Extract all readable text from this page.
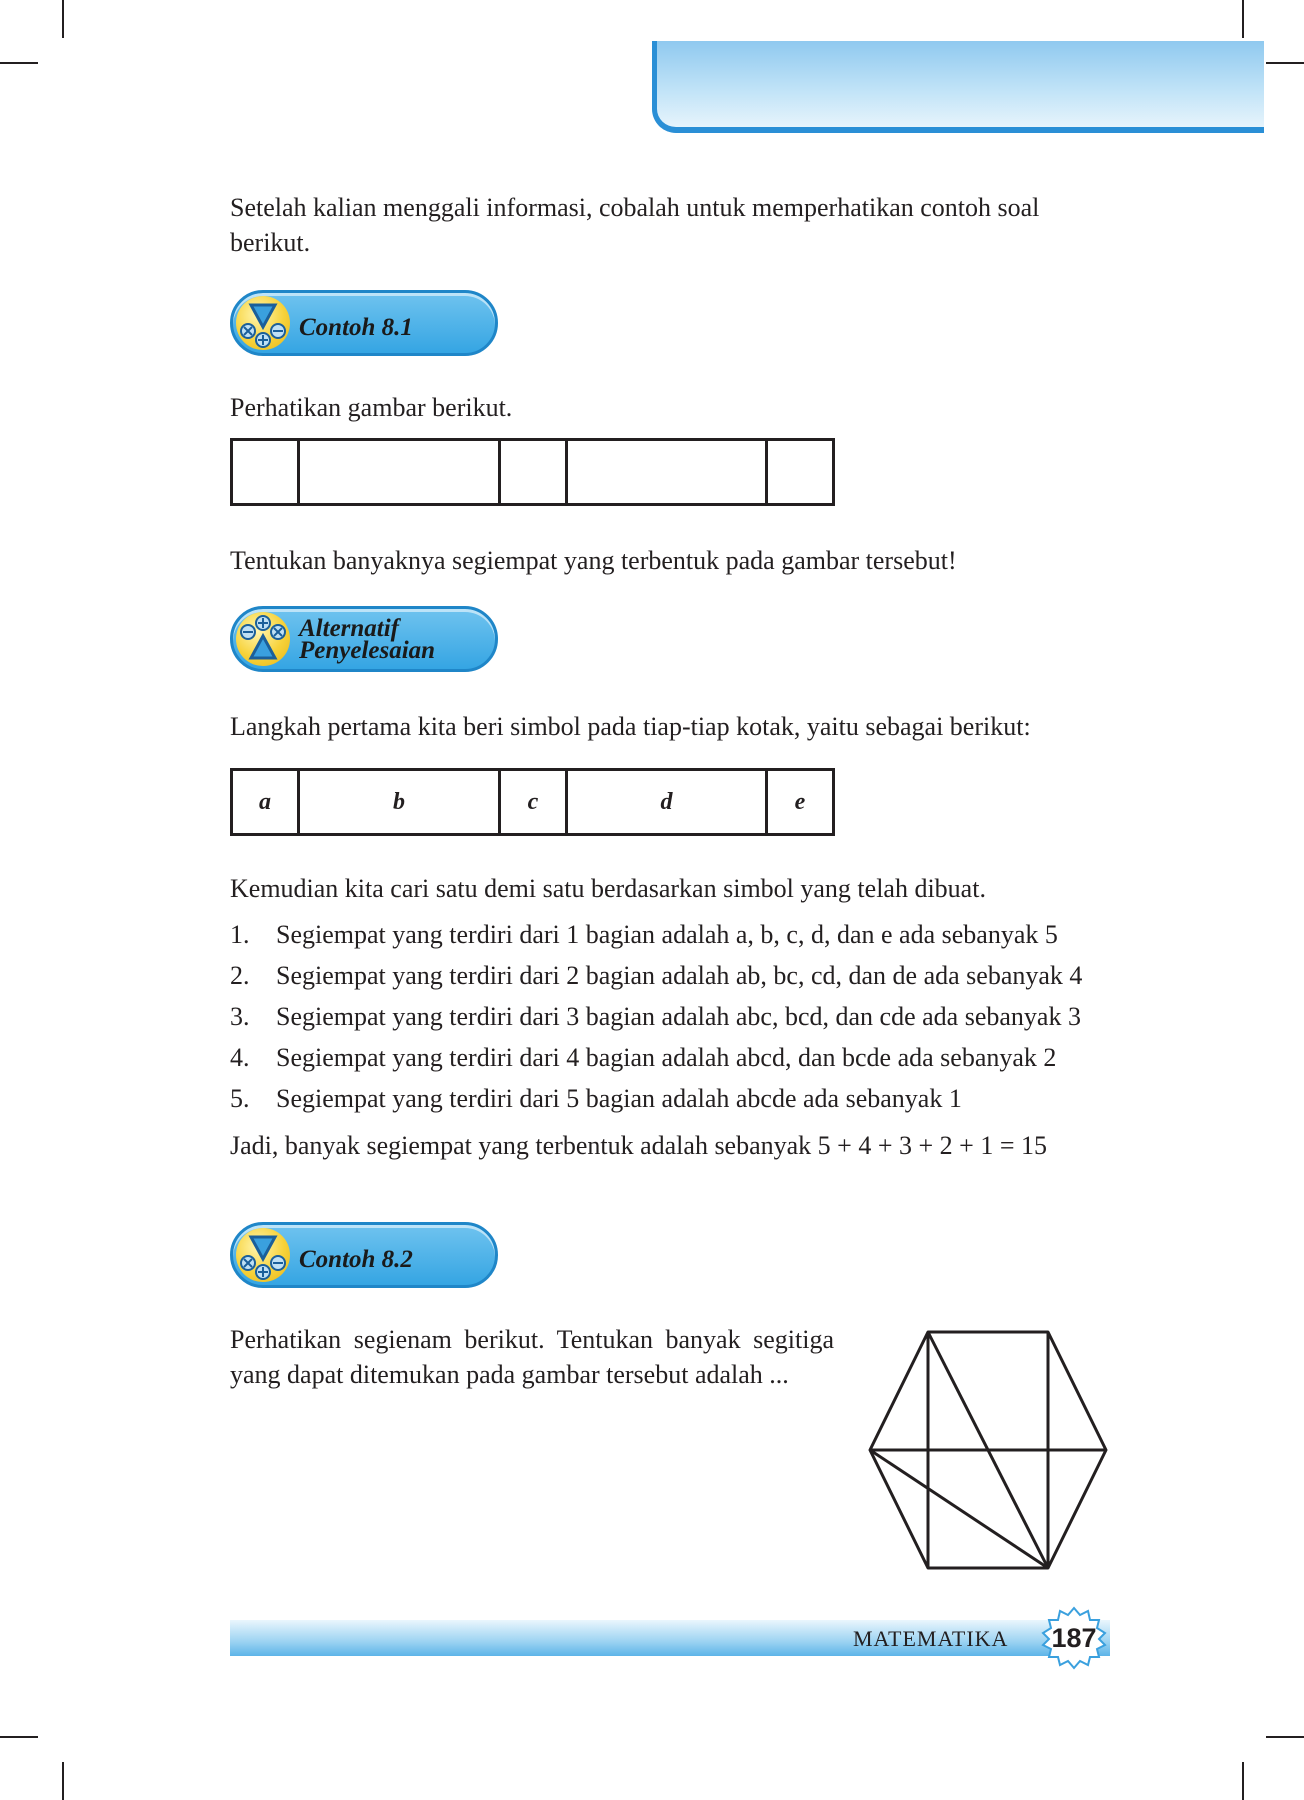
Setelah kalian menggali informasi, cobalah untuk memperhatikan contoh soal berikut.

Contoh 8.1

Perhatikan gambar berikut.

Tentukan banyaknya segiempat yang terbentuk pada gambar tersebut!

Alternatif
Penyelesaian

Langkah pertama kita beri simbol pada tiap-tiap kotak, yaitu sebagai berikut:

a	b	c	d	e

Kemudian kita cari satu demi satu berdasarkan simbol yang telah dibuat.

1. Segiempat yang terdiri dari 1 bagian adalah a, b, c, d, dan e ada sebanyak 5
2. Segiempat yang terdiri dari 2 bagian adalah ab, bc, cd, dan de ada sebanyak 4
3. Segiempat yang terdiri dari 3 bagian adalah abc, bcd, dan cde ada sebanyak 3
4. Segiempat yang terdiri dari 4 bagian adalah abcd, dan bcde ada sebanyak 2
5. Segiempat yang terdiri dari 5 bagian adalah abcde ada sebanyak 1

Jadi, banyak segiempat yang terbentuk adalah sebanyak 5 + 4 + 3 + 2 + 1 = 15

Contoh 8.2

Perhatikan segienam berikut. Tentukan banyak segitiga yang dapat ditemukan pada gambar tersebut adalah ...

MATEMATIKA	187
